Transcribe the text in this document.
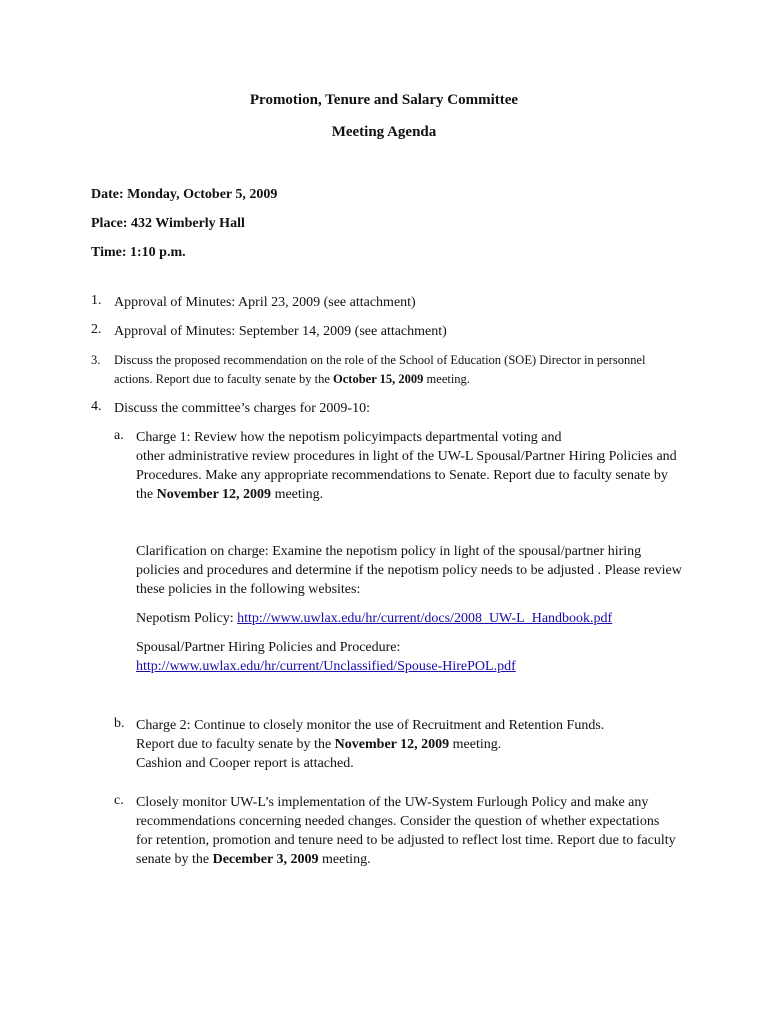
Promotion, Tenure and Salary Committee
Meeting Agenda
Date: Monday, October 5, 2009
Place: 432 Wimberly Hall
Time: 1:10 p.m.
1. Approval of Minutes: April 23, 2009 (see attachment)
2. Approval of Minutes: September 14, 2009 (see attachment)
3. Discuss the proposed recommendation on the role of the School of Education (SOE) Director in personnel actions. Report due to faculty senate by the October 15, 2009 meeting.
4. Discuss the committee’s charges for 2009-10:
a. Charge 1: Review how the nepotism policyimpacts departmental voting and
other administrative review procedures in light of the UW-L Spousal/Partner Hiring Policies and Procedures. Make any appropriate recommendations to Senate. Report due to faculty senate by the November 12, 2009 meeting.
Clarification on charge: Examine the nepotism policy in light of the spousal/partner hiring policies and procedures and determine if the nepotism policy needs to be adjusted . Please review these policies in the following websites:
Nepotism Policy: http://www.uwlax.edu/hr/current/docs/2008_UW-L_Handbook.pdf
Spousal/Partner Hiring Policies and Procedure:
http://www.uwlax.edu/hr/current/Unclassified/Spouse-HirePOL.pdf
b. Charge 2: Continue to closely monitor the use of Recruitment and Retention Funds.
Report due to faculty senate by the November 12, 2009 meeting.
Cashion and Cooper report is attached.
c. Closely monitor UW-L’s implementation of the UW-System Furlough Policy and make any recommendations concerning needed changes. Consider the question of whether expectations for retention, promotion and tenure need to be adjusted to reflect lost time. Report due to faculty senate by the December 3, 2009 meeting.
